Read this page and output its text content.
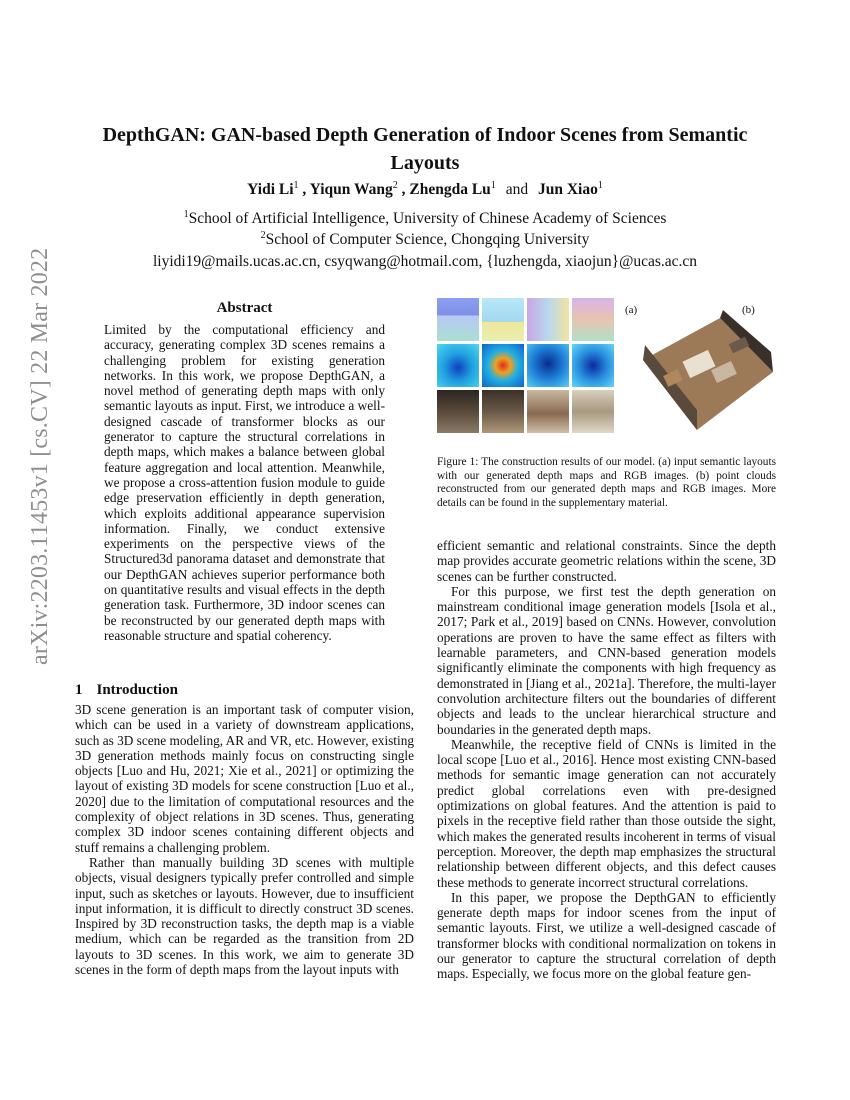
arXiv:2203.11453v1 [cs.CV] 22 Mar 2022
DepthGAN: GAN-based Depth Generation of Indoor Scenes from Semantic
Layouts
Yidi Li$^1$ , Yiqun Wang$^2$ , Zhengda Lu$^1$ and Jun Xiao$^1$
$^1$School of Artificial Intelligence, University of Chinese Academy of Sciences
$^2$School of Computer Science, Chongqing University
liyidi19@mails.ucas.ac.cn, csyqwang@hotmail.com, {luzhengda, xiaojun}@ucas.ac.cn
Abstract
Limited by the computational efficiency and accuracy, generating complex 3D scenes remains a challenging problem for existing generation networks. In this work, we propose DepthGAN, a novel method of generating depth maps with only semantic layouts as input. First, we introduce a well-designed cascade of transformer blocks as our generator to capture the structural correlations in depth maps, which makes a balance between global feature aggregation and local attention. Meanwhile, we propose a cross-attention fusion module to guide edge preservation efficiently in depth generation, which exploits additional appearance supervision information. Finally, we conduct extensive experiments on the perspective views of the Structured3d panorama dataset and demonstrate that our DepthGAN achieves superior performance both on quantitative results and visual effects in the depth generation task. Furthermore, 3D indoor scenes can be reconstructed by our generated depth maps with reasonable structure and spatial coherency.
1 Introduction

3D scene generation is an important task of computer vision, which can be used in a variety of downstream applications, such as 3D scene modeling, AR and VR, etc. However, existing 3D generation methods mainly focus on constructing single objects [Luo and Hu, 2021; Xie et al., 2021] or optimizing the layout of existing 3D models for scene construction [Luo et al., 2020] due to the limitation of computational resources and the complexity of object relations in 3D scenes. Thus, generating complex 3D indoor scenes containing different objects and stuff remains a challenging problem.

Rather than manually building 3D scenes with multiple objects, visual designers typically prefer controlled and simple input, such as sketches or layouts. However, due to insufficient input information, it is difficult to directly construct 3D scenes. Inspired by 3D reconstruction tasks, the depth map is a viable medium, which can be regarded as the transition from 2D layouts to 3D scenes. In this work, we aim to generate 3D scenes in the form of depth maps from the layout inputs with

(a)	(b)
Figure 1: The construction results of our model. (a) input semantic layouts with our generated depth maps and RGB images. (b) point clouds reconstructed from our generated depth maps and RGB images. More details can be found in the supplementary material.

efficient semantic and relational constraints. Since the depth map provides accurate geometric relations within the scene, 3D scenes can be further constructed.

For this purpose, we first test the depth generation on mainstream conditional image generation models [Isola et al., 2017; Park et al., 2019] based on CNNs. However, convolution operations are proven to have the same effect as filters with learnable parameters, and CNN-based generation models significantly eliminate the components with high frequency as demonstrated in [Jiang et al., 2021a]. Therefore, the multi-layer convolution architecture filters out the boundaries of different objects and leads to the unclear hierarchical structure and boundaries in the generated depth maps.

Meanwhile, the receptive field of CNNs is limited in the local scope [Luo et al., 2016]. Hence most existing CNN-based methods for semantic image generation can not accurately predict global correlations even with pre-designed optimizations on global features. And the attention is paid to pixels in the receptive field rather than those outside the sight, which makes the generated results incoherent in terms of visual perception. Moreover, the depth map emphasizes the structural relationship between different objects, and this defect causes these methods to generate incorrect structural correlations.

In this paper, we propose the DepthGAN to efficiently generate depth maps for indoor scenes from the input of semantic layouts. First, we utilize a well-designed cascade of transformer blocks with conditional normalization on tokens in our generator to capture the structural correlation of depth maps. Especially, we focus more on the global feature gen-
